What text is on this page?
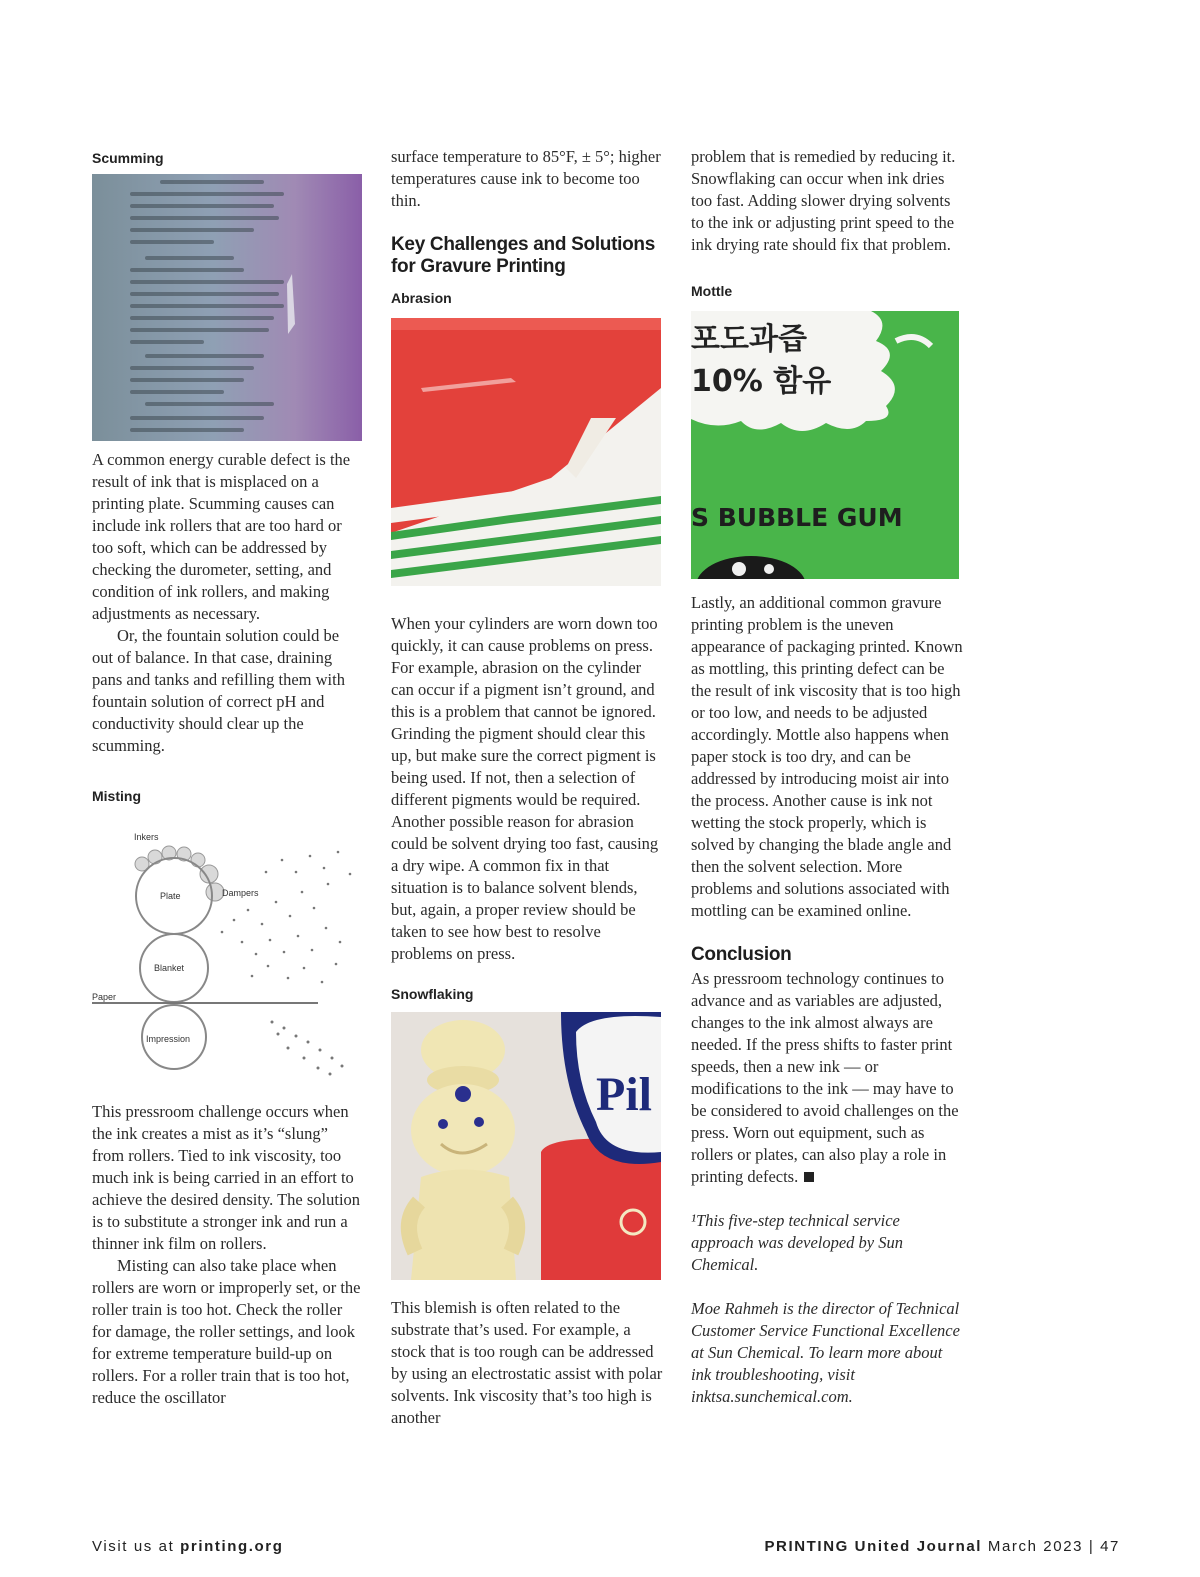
Scumming

A common energy curable defect is the result of ink that is misplaced on a printing plate. Scumming causes can include ink rollers that are too hard or too soft, which can be addressed by checking the durometer, setting, and condition of ink rollers, and making adjustments as necessary.

Or, the fountain solution could be out of balance. In that case, draining pans and tanks and refilling them with fountain solution of correct pH and conductivity should clear up the scumming.

Misting
Inkers
Plate	Dampers
Blanket
Paper
Impression

This pressroom challenge occurs when the ink creates a mist as it’s “slung” from rollers. Tied to ink viscosity, too much ink is being carried in an effort to achieve the desired density. The solution is to substitute a stronger ink and run a thinner ink film on rollers.

Misting can also take place when rollers are worn or improperly set, or the roller train is too hot. Check the roller for damage, the roller settings, and look for extreme temperature build-up on rollers. For a roller train that is too hot, reduce the oscillator

surface temperature to 85°F, ± 5°; higher temperatures cause ink to become too thin.

Key Challenges and Solutions for Gravure Printing
Abrasion

When your cylinders are worn down too quickly, it can cause problems on press. For example, abrasion on the cylinder can occur if a pigment isn’t ground, and this is a problem that cannot be ignored. Grinding the pigment should clear this up, but make sure the correct pigment is being used. If not, then a selection of different pigments would be required. Another possible reason for abrasion could be solvent drying too fast, causing a dry wipe. A common fix in that situation is to balance solvent blends, but, again, a proper review should be taken to see how best to resolve problems on press.

Snowflaking
Pil

This blemish is often related to the substrate that’s used. For example, a stock that is too rough can be addressed by using an electrostatic assist with polar solvents. Ink viscosity that’s too high is another

problem that is remedied by reducing it. Snowflaking can occur when ink dries too fast. Adding slower drying solvents to the ink or adjusting print speed to the ink drying rate should fix that problem.

Mottle
포도과즙
10% 함유
S BUBBLE GUM

Lastly, an additional common gravure printing problem is the uneven appearance of packaging printed. Known as mottling, this printing defect can be the result of ink viscosity that is too high or too low, and needs to be adjusted accordingly. Mottle also happens when paper stock is too dry, and can be addressed by introducing moist air into the process. Another cause is ink not wetting the stock properly, which is solved by changing the blade angle and then the solvent selection. More problems and solutions associated with mottling can be examined online.

Conclusion

As pressroom technology continues to advance and as variables are adjusted, changes to the ink almost always are needed. If the press shifts to faster print speeds, then a new ink — or modifications to the ink — may have to be considered to avoid challenges on the press. Worn out equipment, such as rollers or plates, can also play a role in printing defects.

¹This five-step technical service approach was developed by Sun Chemical.

Moe Rahmeh is the director of Technical Customer Service Functional Excellence at Sun Chemical. To learn more about ink troubleshooting, visit inktsa.sunchemical.com.

Visit us at printing.org	PRINTING United Journal March 2023 | 47
